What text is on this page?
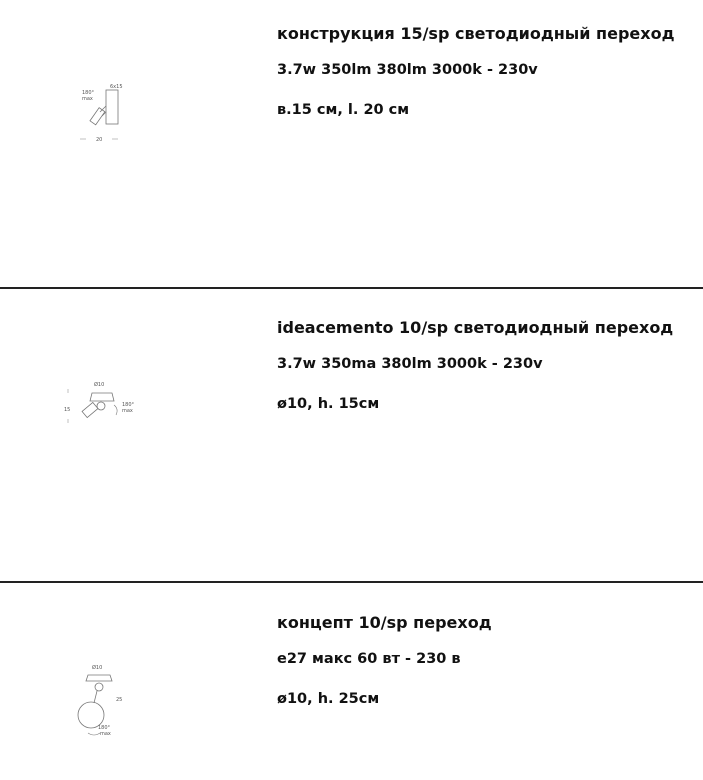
180°
max
6x15
20

конструкция 15/sp светодиодный переход

3.7w 350lm 380lm 3000k - 230v
в.15 см, l. 20 см
Ø10
15
180°
max

ideacemento 10/sp светодиодный переход

3.7w 350ma 380lm 3000k - 230v
ø10, h. 15см
Ø10
25
180°
max

концепт 10/sp переход

e27 макс 60 вт - 230 в
ø10, h. 25см
